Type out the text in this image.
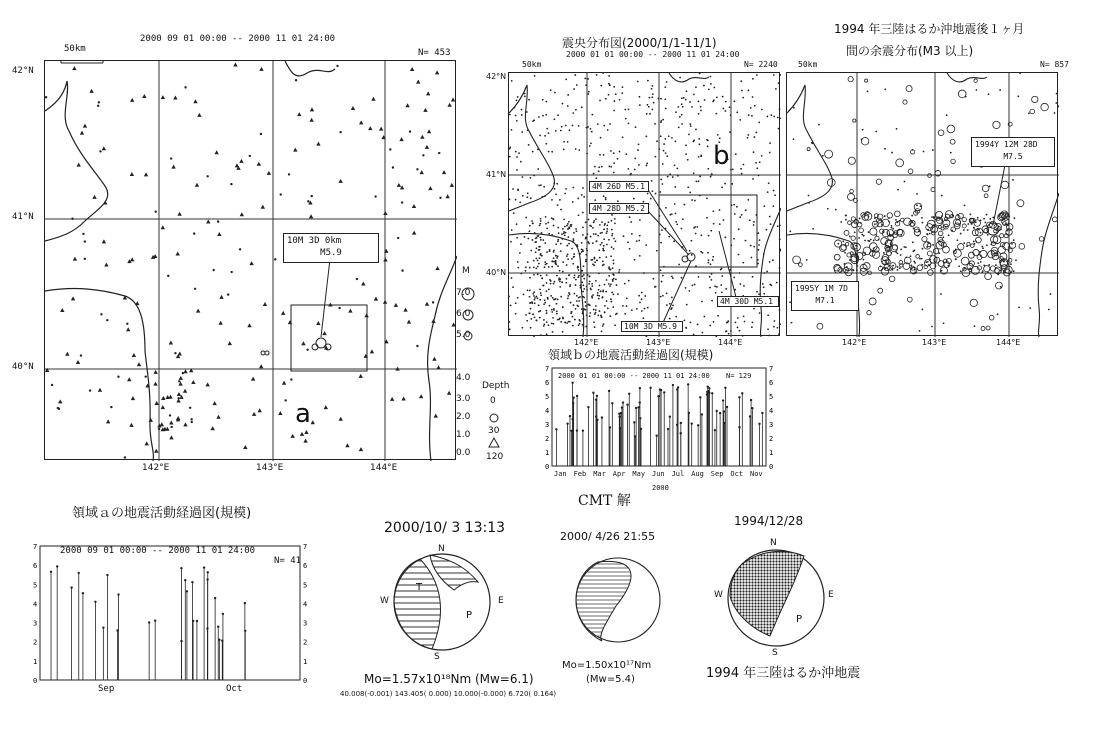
2000 09 01 00:00 -- 2000 11 01 24:00
N= 453
10M 3D 0km
M5.9
a
50km
42°N
41°N
40°N
142°E	143°E	144°E
M
7.0
6.0
5.0
4.0
3.0
2.0
1.0
0.0
Depth
0
30
120
震央分布図(2000/1/1-11/1)
2000 01 01 00:00 -- 2000 11 01 24:00
N= 2240
4M 26D M5.1
4M 28D M5.2
4M 30D M5.1
10M 3D M5.9
b
50km
42°N
41°N
40°N
142°E	143°E	144°E
1994 年三陸はるか沖地震後１ヶ月
間の余震分布(M3 以上)
N= 857
1994Y 12M 28D
M7.5
1995Y 1M 7D
M7.1
50km
142°E	143°E	144°E
領域ｂの地震活動経過図(規模)
2000 01 01 00:00 -- 2000 11 01 24:00 N= 129
0	0
1	1
2	2
3	3
4	4
5	5
6	6
7	7
Jan Feb Mar Apr May Jun Jul Aug Sep Oct Nov
2000
領域ａの地震活動経過図(規模)
2000 09 01 00:00 -- 2000 11 01 24:00
N= 41
0	0
1	1
2	2
3	3
4	4
5	5
6	6
7	7
Sep	Oct
CMT 解
2000/10/ 3 13:13
N
S
W	E
P
T
Mo=1.57x10¹⁸Nm (Mw=6.1)
40.008(-0.001) 143.405( 0.000) 10.000(-0.000) 6.720( 0.164)
2000/ 4/26 21:55
Mo=1.50x10¹⁷Nm
(Mw=5.4)
1994/12/28
N
S
W	E
P
1994 年三陸はるか沖地震
